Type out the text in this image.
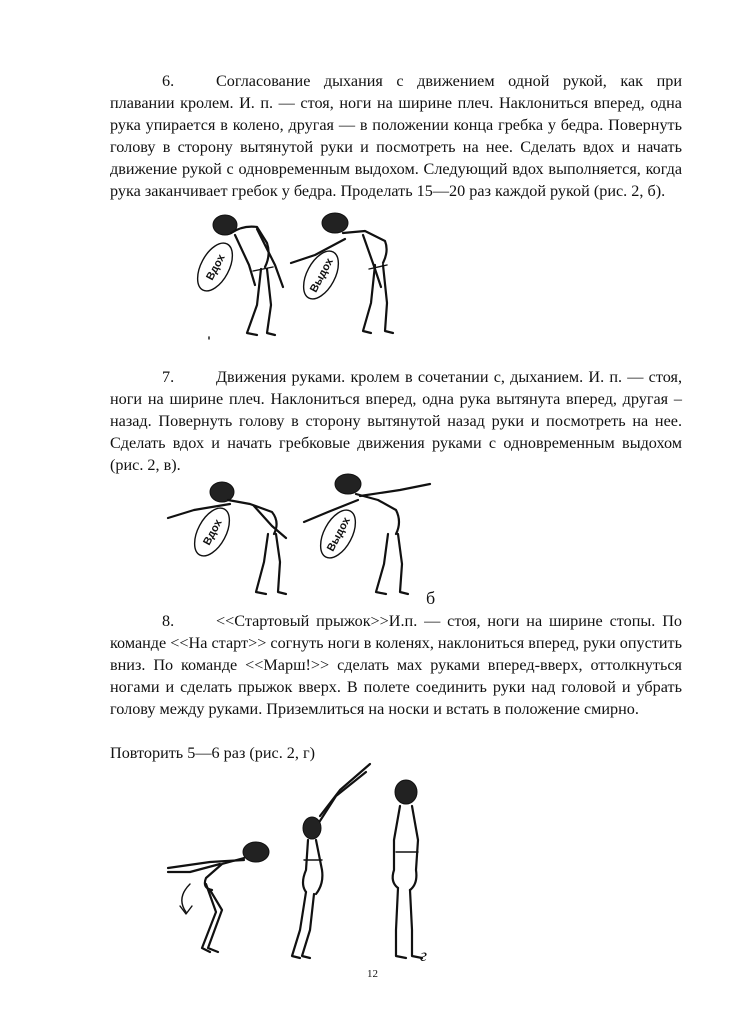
6.	Согласование дыхания с движением одной рукой, как при плавании кролем. И. п. — стоя, ноги на ширине плеч. Наклониться вперед, одна рука упирается в колено, другая — в положении конца гребка у бедра. Повернуть голову в сторону вытянутой руки и посмотреть на нее. Сделать вдох и начать движение рукой с одновременным выдохом. Следующий вдох выполняется, когда рука заканчивает гребок у бедра. Проделать 15—20 раз каждой рукой (рис. 2, б).

Вдох	Выдох

7.	Движения руками. кролем в сочетании с, дыханием. И. п. — стоя, ноги на ширине плеч. Наклониться вперед, одна рука вытянута вперед, другая –назад. Повернуть голову в сторону вытянутой назад руки и посмотреть на нее. Сделать вдох и начать гребковые движения руками с одновременным выдохом (рис. 2, в).

Вдох	Выдох
б

8.	<<Стартовый прыжок>>И.п. — стоя, ноги на ширине стопы. По команде <<На старт>> согнуть ноги в коленях, наклониться вперед, руки опустить вниз. По команде <<Марш!>> сделать мах руками вперед-вверх, оттолкнуться ногами и сделать прыжок вверх. В полете соединить руки над головой и убрать голову между руками. Приземлиться на носки и встать в положение смирно.

Повторить 5—6 раз (рис. 2, г)

г
12
